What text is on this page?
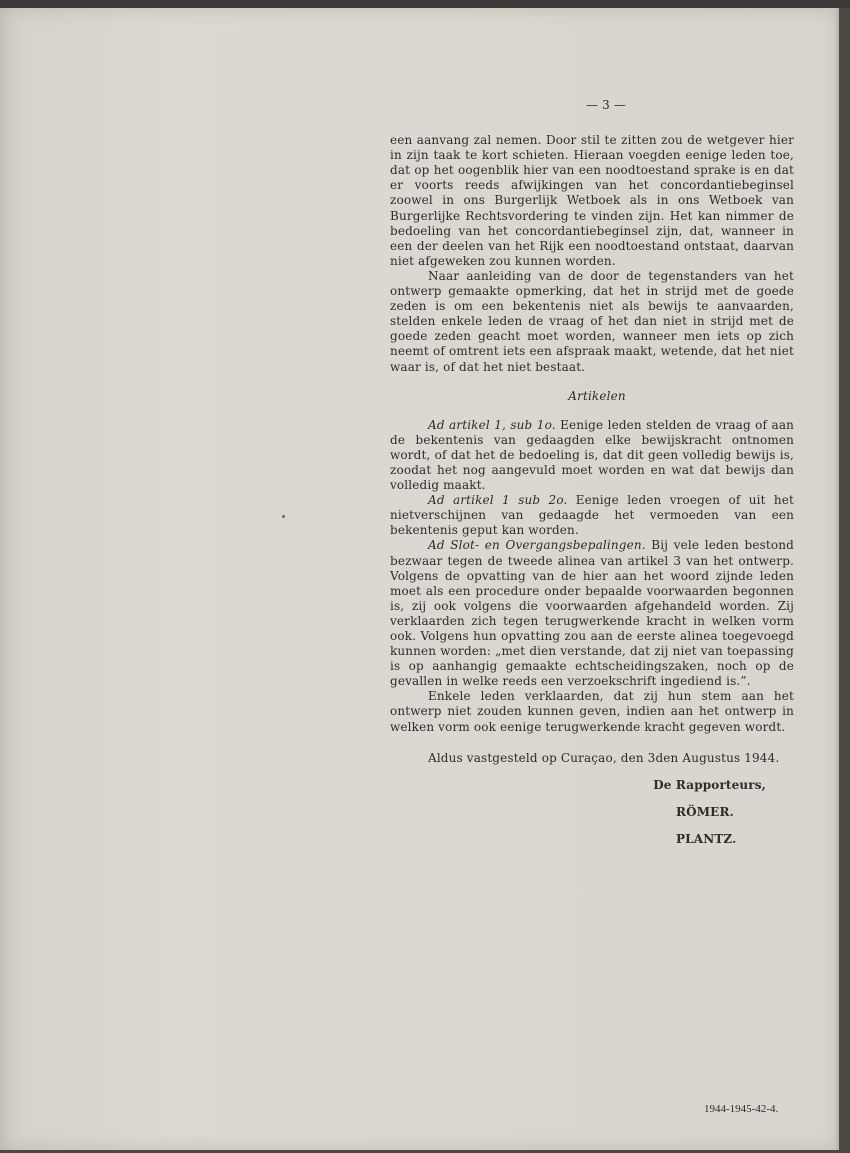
— 3 —

een aanvang zal nemen. Door stil te zitten zou de wetgever hier in zijn taak te kort schieten. Hieraan voegden eenige leden toe, dat op het oogenblik hier van een noodtoestand sprake is en dat er voorts reeds afwijkingen van het concordantiebeginsel zoowel in ons Burgerlijk Wetboek als in ons Wetboek van Burgerlijke Rechtsvordering te vinden zijn. Het kan nimmer de bedoeling van het concordantiebeginsel zijn, dat, wanneer in een der deelen van het Rijk een noodtoestand ontstaat, daarvan niet afgeweken zou kunnen worden.

Naar aanleiding van de door de tegenstanders van het ontwerp gemaakte opmerking, dat het in strijd met de goede zeden is om een bekentenis niet als bewijs te aanvaarden, stelden enkele leden de vraag of het dan niet in strijd met de goede zeden geacht moet worden, wanneer men iets op zich neemt of omtrent iets een afspraak maakt, wetende, dat het niet waar is, of dat het niet bestaat.

Artikelen

Ad artikel 1, sub 1o. Eenige leden stelden de vraag of aan de bekentenis van gedaagden elke bewijskracht ontnomen wordt, of dat het de bedoeling is, dat dit geen volledig bewijs is, zoodat het nog aangevuld moet worden en wat dat bewijs dan volledig maakt.

Ad artikel 1 sub 2o. Eenige leden vroegen of uit het nietverschijnen van gedaagde het vermoeden van een bekentenis geput kan worden.

Ad Slot- en Overgangsbepalingen. Bij vele leden bestond bezwaar tegen de tweede alinea van artikel 3 van het ontwerp. Volgens de opvatting van de hier aan het woord zijnde leden moet als een procedure onder bepaalde voorwaarden begonnen is, zij ook volgens die voorwaarden afgehandeld worden. Zij verklaarden zich tegen terugwerkende kracht in welken vorm ook. Volgens hun opvatting zou aan de eerste alinea toegevoegd kunnen worden: „met dien verstande, dat zij niet van toepassing is op aanhangig gemaakte echtscheidingszaken, noch op de gevallen in welke reeds een verzoekschrift ingediend is.”.

Enkele leden verklaarden, dat zij hun stem aan het ontwerp niet zouden kunnen geven, indien aan het ontwerp in welken vorm ook eenige terugwerkende kracht gegeven wordt.

Aldus vastgesteld op Curaçao, den 3den Augustus 1944.

De Rapporteurs,

RÖMER.

PLANTZ.

1944-1945-42-4.
